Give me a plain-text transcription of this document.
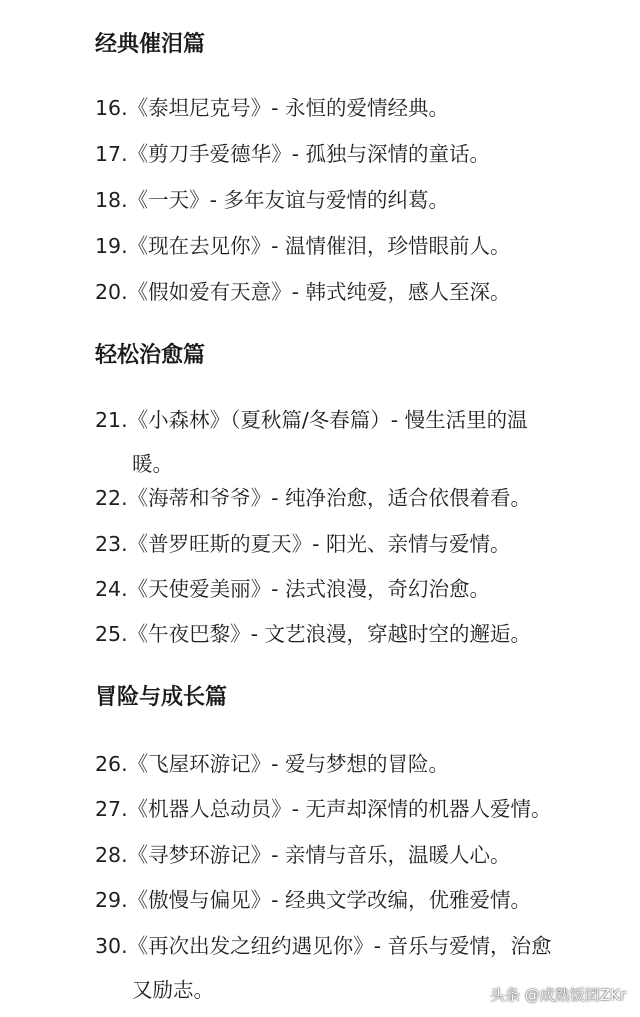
经典催泪篇
16.《泰坦尼克号》- 永恒的爱情经典。
17.《剪刀手爱德华》- 孤独与深情的童话。
18.《一天》- 多年友谊与爱情的纠葛。
19.《现在去见你》- 温情催泪，珍惜眼前人。
20.《假如爱有天意》- 韩式纯爱，感人至深。
轻松治愈篇
21.《小森林》（夏秋篇/冬春篇）- 慢生活里的温
暖。
22.《海蒂和爷爷》- 纯净治愈，适合依偎着看。
23.《普罗旺斯的夏天》- 阳光、亲情与爱情。
24.《天使爱美丽》- 法式浪漫，奇幻治愈。
25.《午夜巴黎》- 文艺浪漫，穿越时空的邂逅。
冒险与成长篇
26.《飞屋环游记》- 爱与梦想的冒险。
27.《机器人总动员》- 无声却深情的机器人爱情。
28.《寻梦环游记》- 亲情与音乐，温暖人心。
29.《傲慢与偏见》- 经典文学改编，优雅爱情。
30.《再次出发之纽约遇见你》- 音乐与爱情，治愈
又励志。	头条 @成熟饭团ZKr
